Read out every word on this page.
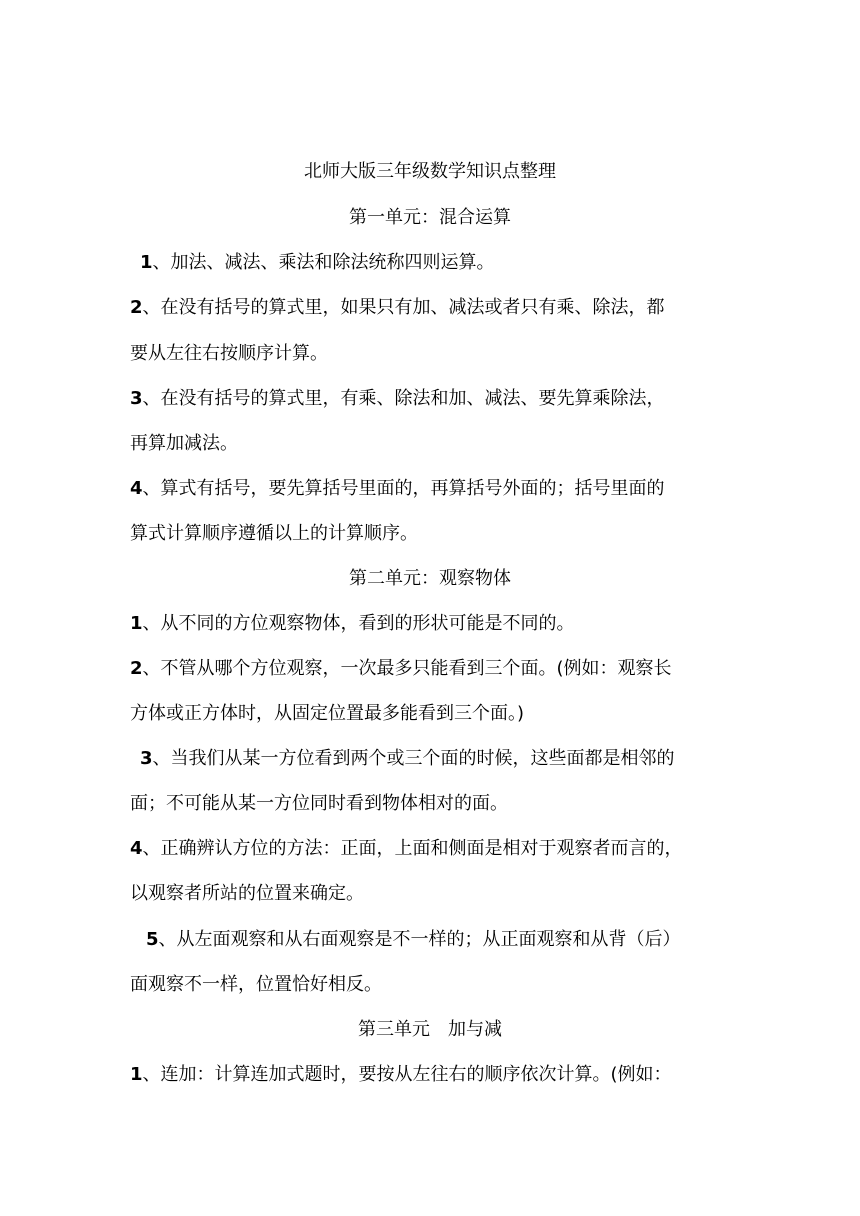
北师大版三年级数学知识点整理
第一单元：混合运算
1、加法、减法、乘法和除法统称四则运算。
2、在没有括号的算式里，如果只有加、减法或者只有乘、除法，都
要从左往右按顺序计算。
3、在没有括号的算式里，有乘、除法和加、减法、要先算乘除法，
再算加减法。
4、算式有括号，要先算括号里面的，再算括号外面的；括号里面的
算式计算顺序遵循以上的计算顺序。
第二单元：观察物体
1、从不同的方位观察物体，看到的形状可能是不同的。
2、不管从哪个方位观察，一次最多只能看到三个面。(例如：观察长
方体或正方体时，从固定位置最多能看到三个面。)
3、当我们从某一方位看到两个或三个面的时候，这些面都是相邻的
面；不可能从某一方位同时看到物体相对的面。
4、正确辨认方位的方法：正面，上面和侧面是相对于观察者而言的，
以观察者所站的位置来确定。
5、从左面观察和从右面观察是不一样的；从正面观察和从背（后）
面观察不一样，位置恰好相反。
第三单元　加与减
1、连加：计算连加式题时，要按从左往右的顺序依次计算。(例如：
